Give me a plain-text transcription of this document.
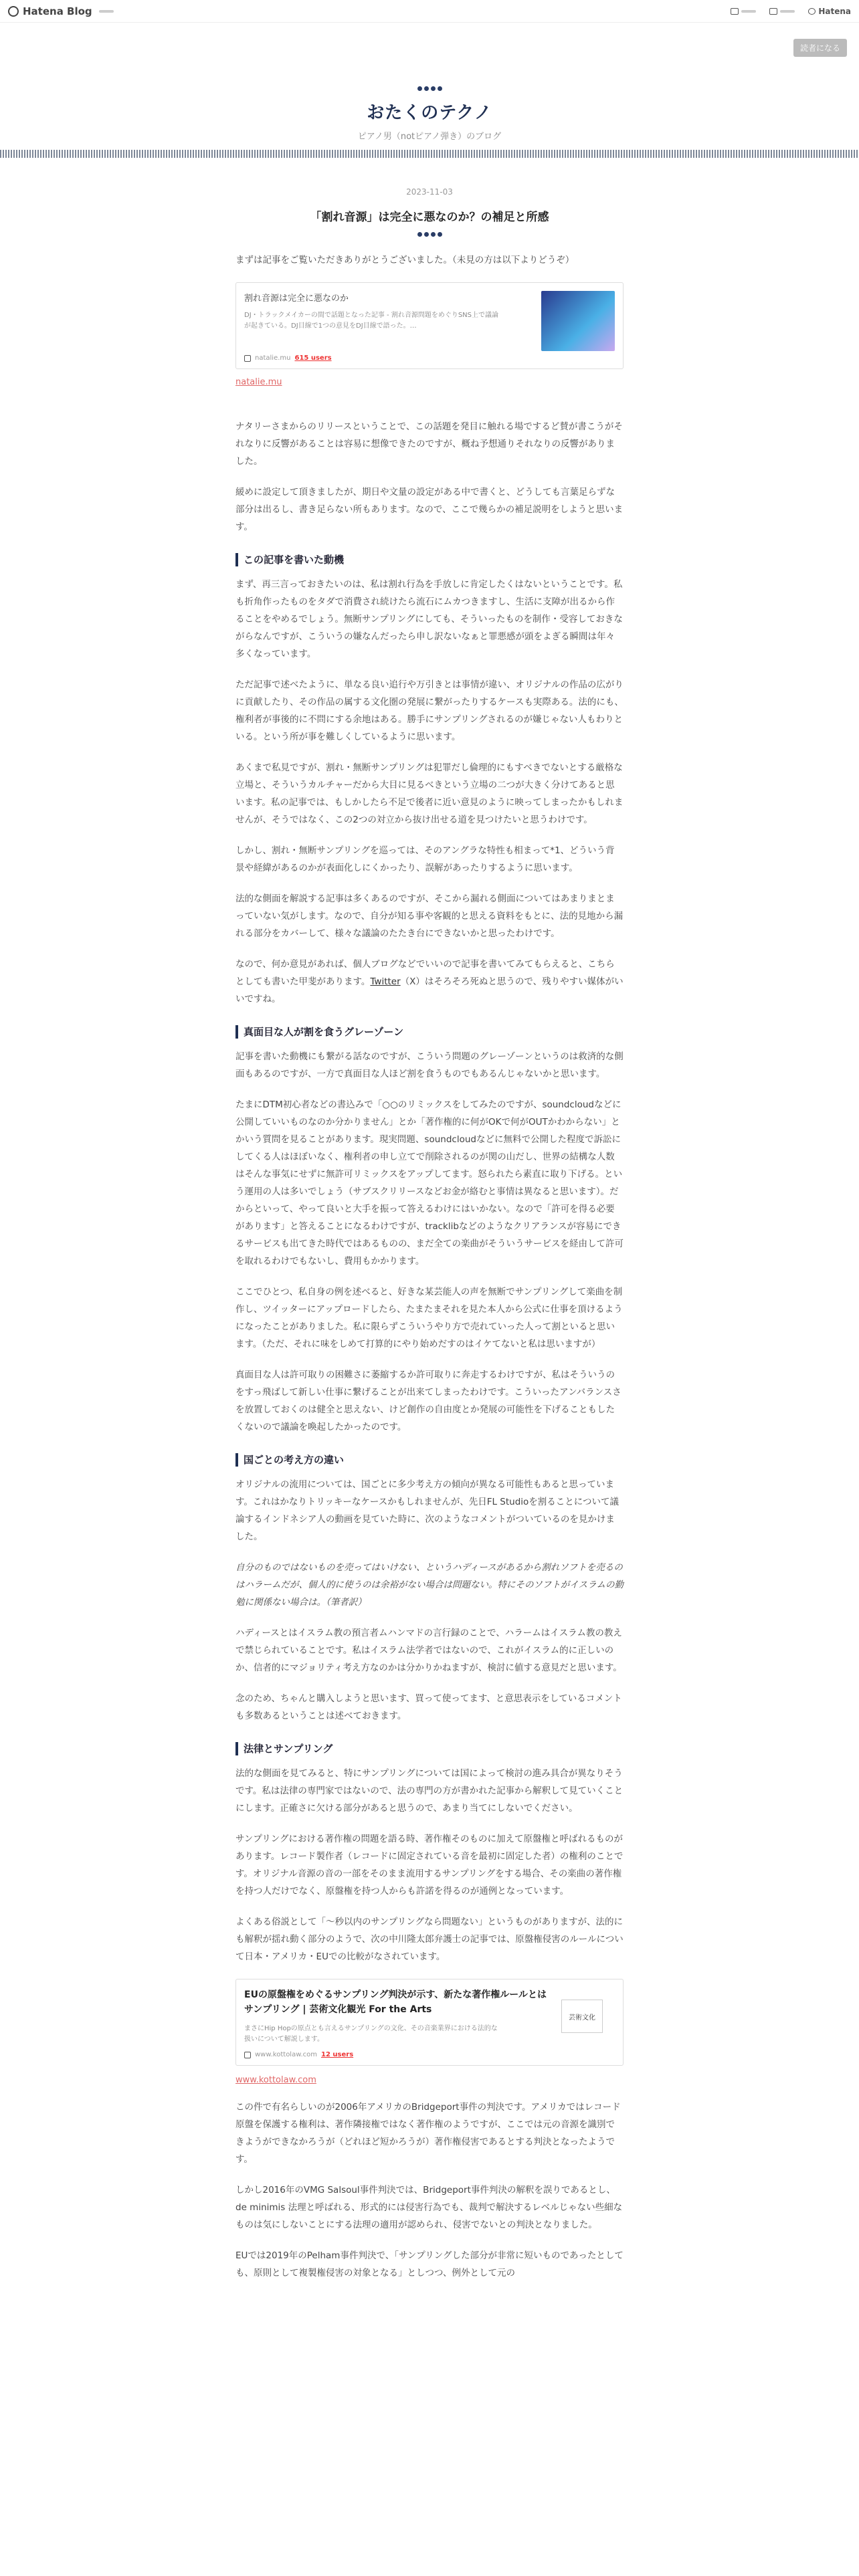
Hatena Blog	Hatena
読者になる
おたくのテクノ
ピアノ男（notピアノ弾き）のブログ
2023-11-03
「割れ音源」は完全に悪なのか？の補足と所感

まずは記事をご覧いただきありがとうございました。（未見の方は以下よりどうぞ）

割れ音源は完全に悪なのか
DJ・トラックメイカーの間で話題となった記事 - 割れ音源問題をめぐりSNS上で議論が起きている。DJ目線で1つの意見をDJ目線で語った。…
natalie.mu 615 users
natalie.mu

ナタリーさまからのリリースということで、この話題を発目に触れる場でするど賛が書こうがそれなりに反響があることは容易に想像できたのですが、概ね予想通りそれなりの反響がありました。

緩めに設定して頂きましたが、期日や文量の設定がある中で書くと、どうしても言葉足らずな部分は出るし、書き足らない所もあります。なので、ここで幾らかの補足説明をしようと思います。

この記事を書いた動機

まず、再三言っておきたいのは、私は割れ行為を手放しに肯定したくはないということです。私も折角作ったものをタダで消費され続けたら流石にムカつきますし、生活に支障が出るから作ることをやめるでしょう。無断サンプリングにしても、そういったものを制作・受容しておきながらなんですが、こういうの嫌なんだったら申し訳ないなぁと罪悪感が頭をよぎる瞬間は年々多くなっています。

ただ記事で述べたように、単なる良い追行や万引きとは事情が違い、オリジナルの作品の広がりに貢献したり、その作品の属する文化圏の発展に繋がったりするケースも実際ある。法的にも、権利者が事後的に不問にする余地はある。勝手にサンプリングされるのが嫌じゃない人もわりといる。という所が事を難しくしているように思います。

あくまで私見ですが、割れ・無断サンプリングは犯罪だし倫理的にもすべきでないとする厳格な立場と、そういうカルチャーだから大目に見るべきという立場の二つが大きく分けてあると思います。私の記事では、もしかしたら不足で後者に近い意見のように映ってしまったかもしれませんが、そうではなく、この2つの対立から抜け出せる道を見つけたいと思うわけです。

しかし、割れ・無断サンプリングを巡っては、そのアングラな特性も相まって*1、どういう背景や経緯があるのかが表面化しにくかったり、誤解があったりするように思います。

法的な側面を解説する記事は多くあるのですが、そこから漏れる側面についてはあまりまとまっていない気がします。なので、自分が知る事や客観的と思える資料をもとに、法的見地から漏れる部分をカバーして、様々な議論のたたき台にできないかと思ったわけです。

なので、何か意見があれば、個人ブログなどでいいので記事を書いてみてもらえると、こちらとしても書いた甲斐があります。Twitter（X）はそろそろ死ぬと思うので、残りやすい媒体がいいですね。

真面目な人が割を食うグレーゾーン

記事を書いた動機にも繋がる話なのですが、こういう問題のグレーゾーンというのは救済的な側面もあるのですが、一方で真面目な人ほど割を食うものでもあるんじゃないかと思います。

たまにDTM初心者などの書込みで「○○のリミックスをしてみたのですが、soundcloudなどに公開していいものなのか分かりません」とか「著作権的に何がOKで何がOUTかわからない」とかいう質問を見ることがあります。現実問題、soundcloudなどに無料で公開した程度で訴訟にしてくる人はほぼいなく、権利者の申し立てで削除されるのが関の山だし、世界の結構な人数はそんな事気にせずに無許可リミックスをアップしてます。怒られたら素直に取り下げる。という運用の人は多いでしょう（サブスクリリースなどお金が絡むと事情は異なると思います）。だからといって、やって良いと大手を振って答えるわけにはいかない。なので「許可を得る必要があります」と答えることになるわけですが、tracklibなどのようなクリアランスが容易にできるサービスも出てきた時代ではあるものの、まだ全ての楽曲がそういうサービスを経由して許可を取れるわけでもないし、費用もかかります。

ここでひとつ、私自身の例を述べると、好きな某芸能人の声を無断でサンプリングして楽曲を制作し、ツイッターにアップロードしたら、たまたまそれを見た本人から公式に仕事を頂けるようになったことがありました。私に限らずこういうやり方で売れていった人って割といると思います。（ただ、それに味をしめて打算的にやり始めだすのはイケてないと私は思いますが）

真面目な人は許可取りの困難さに萎縮するか許可取りに奔走するわけですが、私はそういうのをすっ飛ばして新しい仕事に繋げることが出来てしまったわけです。こういったアンバランスさを放置しておくのは健全と思えない、けど創作の自由度とか発展の可能性を下げることもしたくないので議論を喚起したかったのです。

国ごとの考え方の違い

オリジナルの流用については、国ごとに多少考え方の傾向が異なる可能性もあると思っています。これはかなりトリッキーなケースかもしれませんが、先日FL Studioを割ることについて議論するインドネシア人の動画を見ていた時に、次のようなコメントがついているのを見かけました。

自分のものではないものを売ってはいけない、というハディースがあるから割れソフトを売るのはハラームだが、個人的に使うのは余裕がない場合は問題ない。特にそのソフトがイスラムの勤勉に関係ない場合は。（筆者訳）

ハディースとはイスラム教の預言者ムハンマドの言行録のことで、ハラームはイスラム教の教えで禁じられていることです。私はイスラム法学者ではないので、これがイスラム的に正しいのか、信者的にマジョリティ考え方なのかは分かりかねますが、検討に値する意見だと思います。

念のため、ちゃんと購入しようと思います、買って使ってます、と意思表示をしているコメントも多数あるということは述べておきます。

法律とサンプリング

法的な側面を見てみると、特にサンプリングについては国によって検討の進み具合が異なりそうです。私は法律の専門家ではないので、法の専門の方が書かれた記事から解釈して見ていくことにします。正確さに欠ける部分があると思うので、あまり当てにしないでください。

サンプリングにおける著作権の問題を語る時、著作権そのものに加えて原盤権と呼ばれるものがあります。レコード製作者（レコードに固定されている音を最初に固定した者）の権利のことです。オリジナル音源の音の一部をそのまま流用するサンプリングをする場合、その楽曲の著作権を持つ人だけでなく、原盤権を持つ人からも許諾を得るのが通例となっています。

よくある俗説として「〜秒以内のサンプリングなら問題ない」というものがありますが、法的にも解釈が揺れ動く部分のようで、次の中川隆太郎弁護士の記事では、原盤権侵害のルールについて日本・アメリカ・EUでの比較がなされています。

EUの原盤権をめぐるサンプリング判決が示す、新たな著作権ルールとは　サンプリング | 芸術文化観光 For the Arts
まさにHip Hopの原点とも言えるサンプリングの文化、その音楽業界における法的な扱いについて解説します。
芸術文化
www.kottolaw.com 12 users
www.kottolaw.com

この件で有名らしいのが2006年アメリカのBridgeport事件の判決です。アメリカではレコード原盤を保護する権利は、著作隣接権ではなく著作権のようですが、ここでは元の音源を識別できようができなかろうが（どれほど短かろうが）著作権侵害であるとする判決となったようです。

しかし2016年のVMG Salsoul事件判決では、Bridgeport事件判決の解釈を誤りであるとし、de minimis 法理と呼ばれる、形式的には侵害行為でも、裁判で解決するレベルじゃない些細なものは気にしないことにする法理の適用が認められ、侵害でないとの判決となりました。

EUでは2019年のPelham事件判決で、「サンプリングした部分が非常に短いものであったとしても、原則として複製権侵害の対象となる」としつつ、例外として元の
